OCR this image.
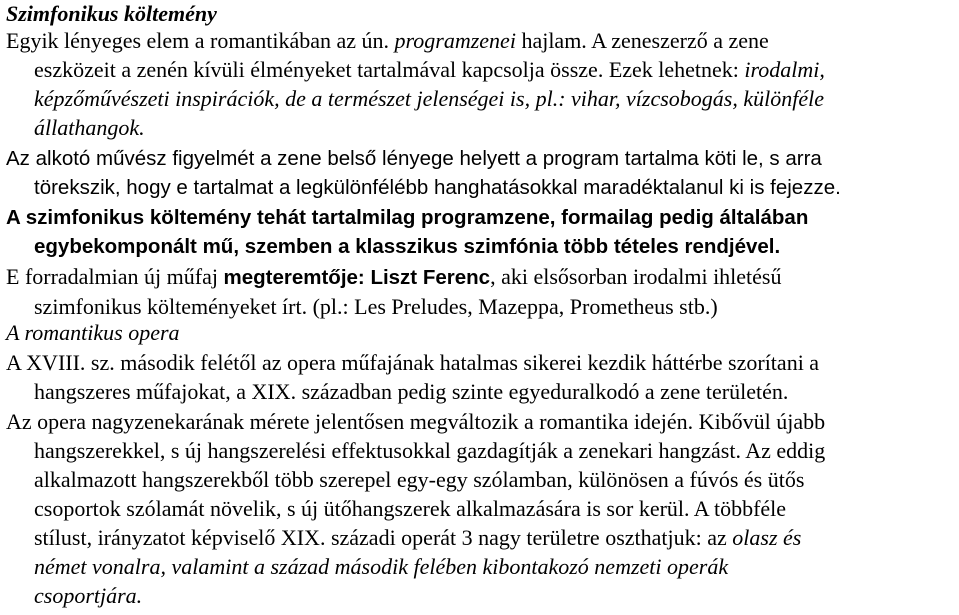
Szimfonikus költemény
Egyik lényeges elem a romantikában az ún. programzenei hajlam. A zeneszerző a zene
eszközeit a zenén kívüli élményeket tartalmával kapcsolja össze. Ezek lehetnek: irodalmi,
képzőművészeti inspirációk, de a természet jelenségei is, pl.: vihar, vízcsobogás, különféle
állathangok.
Az alkotó művész figyelmét a zene belső lényege helyett a program tartalma köti le, s arra
törekszik, hogy e tartalmat a legkülönfélébb hanghatásokkal maradéktalanul ki is fejezze.
A szimfonikus költemény tehát tartalmilag programzene, formailag pedig általában
egybekomponált mű, szemben a klasszikus szimfónia több tételes rendjével.
E forradalmian új műfaj megteremtője: Liszt Ferenc, aki elsősorban irodalmi ihletésű
szimfonikus költeményeket írt. (pl.: Les Preludes, Mazeppa, Prometheus stb.)
A romantikus opera
A XVIII. sz. második felétől az opera műfajának hatalmas sikerei kezdik háttérbe szorítani a
hangszeres műfajokat, a XIX. században pedig szinte egyeduralkodó a zene területén.
Az opera nagyzenekarának mérete jelentősen megváltozik a romantika idején. Kibővül újabb
hangszerekkel, s új hangszerelési effektusokkal gazdagítják a zenekari hangzást. Az eddig
alkalmazott hangszerekből több szerepel egy-egy szólamban, különösen a fúvós és ütős
csoportok szólamát növelik, s új ütőhangszerek alkalmazására is sor kerül. A többféle
stílust, irányzatot képviselő XIX. századi operát 3 nagy területre oszthatjuk: az olasz és
német vonalra, valamint a század második felében kibontakozó nemzeti operák
csoportjára.
